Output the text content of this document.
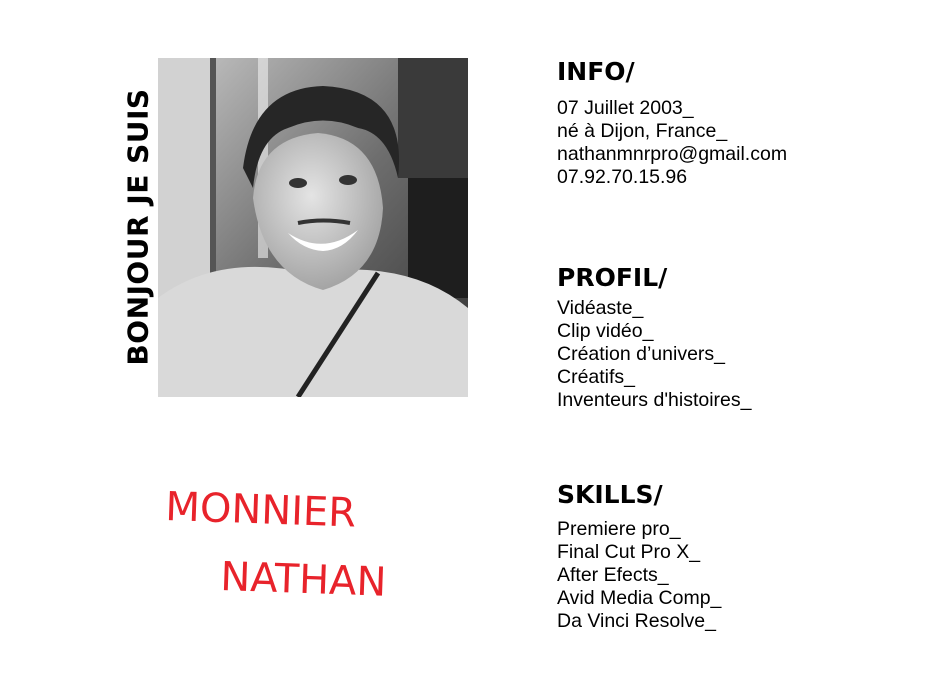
BONJOUR JE SUIS
MONNIER
NATHAN
INFO/
07 Juillet 2003_
né à Dijon, France_
nathanmnrpro@gmail.com
07.92.70.15.96
PROFIL/
Vidéaste_
Clip vidéo_
Création d’univers_
Créatifs_
Inventeurs d'histoires_
SKILLS/
Premiere pro_
Final Cut Pro X_
After Efects_
Avid Media Comp_
Da Vinci Resolve_
